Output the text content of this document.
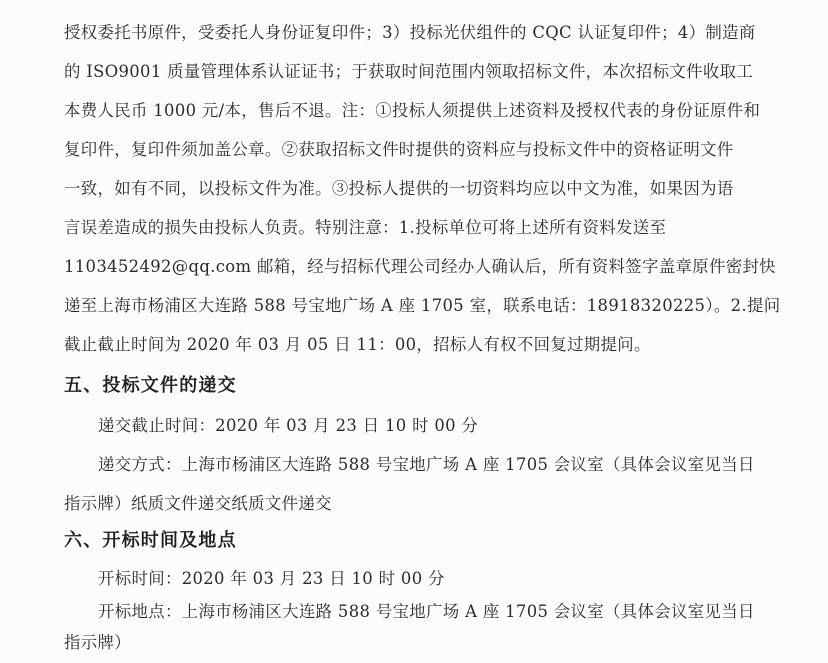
授权委托书原件，受委托人身份证复印件；3）投标光伏组件的 CQC 认证复印件；4）制造商
的 ISO9001 质量管理体系认证证书；于获取时间范围内领取招标文件，本次招标文件收取工
本费人民币 1000 元/本，售后不退。注：①投标人须提供上述资料及授权代表的身份证原件和
复印件，复印件须加盖公章。②获取招标文件时提供的资料应与投标文件中的资格证明文件
一致，如有不同，以投标文件为准。③投标人提供的一切资料均应以中文为准，如果因为语
言误差造成的损失由投标人负责。特别注意：1.投标单位可将上述所有资料发送至
1103452492@qq.com 邮箱，经与招标代理公司经办人确认后，所有资料签字盖章原件密封快
递至上海市杨浦区大连路 588 号宝地广场 A 座 1705 室，联系电话：18918320225）。2.提问
截止截止时间为 2020 年 03 月 05 日 11：00，招标人有权不回复过期提问。
五、投标文件的递交
递交截止时间：2020 年 03 月 23 日 10 时 00 分
递交方式：上海市杨浦区大连路 588 号宝地广场 A 座 1705 会议室（具体会议室见当日
指示牌）纸质文件递交纸质文件递交
六、开标时间及地点
开标时间：2020 年 03 月 23 日 10 时 00 分
开标地点：上海市杨浦区大连路 588 号宝地广场 A 座 1705 会议室（具体会议室见当日
指示牌）
